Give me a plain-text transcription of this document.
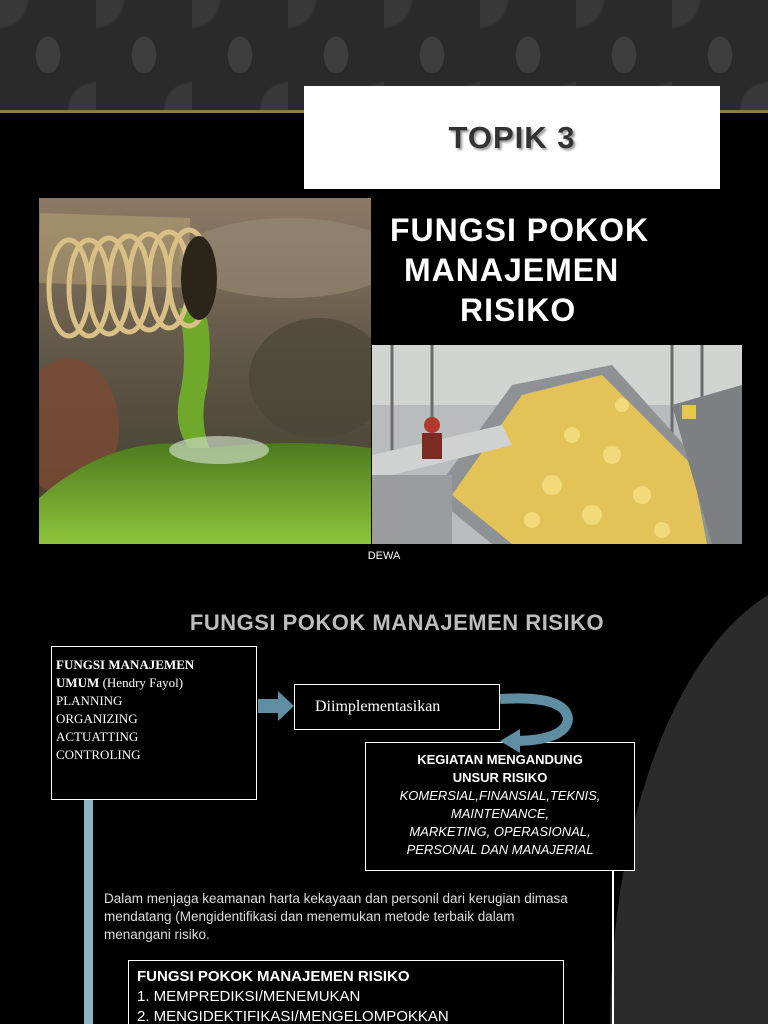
TOPIK 3
FUNGSI POKOK
MANAJEMEN
RISIKO
DEWA
FUNGSI POKOK MANAJEMEN RISIKO
FUNGSI MANAJEMEN
UMUM (Hendry Fayol)
PLANNING
ORGANIZING
ACTUATTING
CONTROLING
Diimplementasikan
KEGIATAN MENGANDUNG
UNSUR RISIKO
KOMERSIAL,FINANSIAL,TEKNIS,
MAINTENANCE,
MARKETING, OPERASIONAL,
PERSONAL DAN MANAJERIAL
Dalam menjaga keamanan harta kekayaan dan personil dari kerugian dimasa mendatang (Mengidentifikasi dan menemukan metode terbaik dalam menangani risiko.
FUNGSI POKOK MANAJEMEN RISIKO
1. MEMPREDIKSI/MENEMUKAN
2. MENGIDEKTIFIKASI/MENGELOMPOKKAN
